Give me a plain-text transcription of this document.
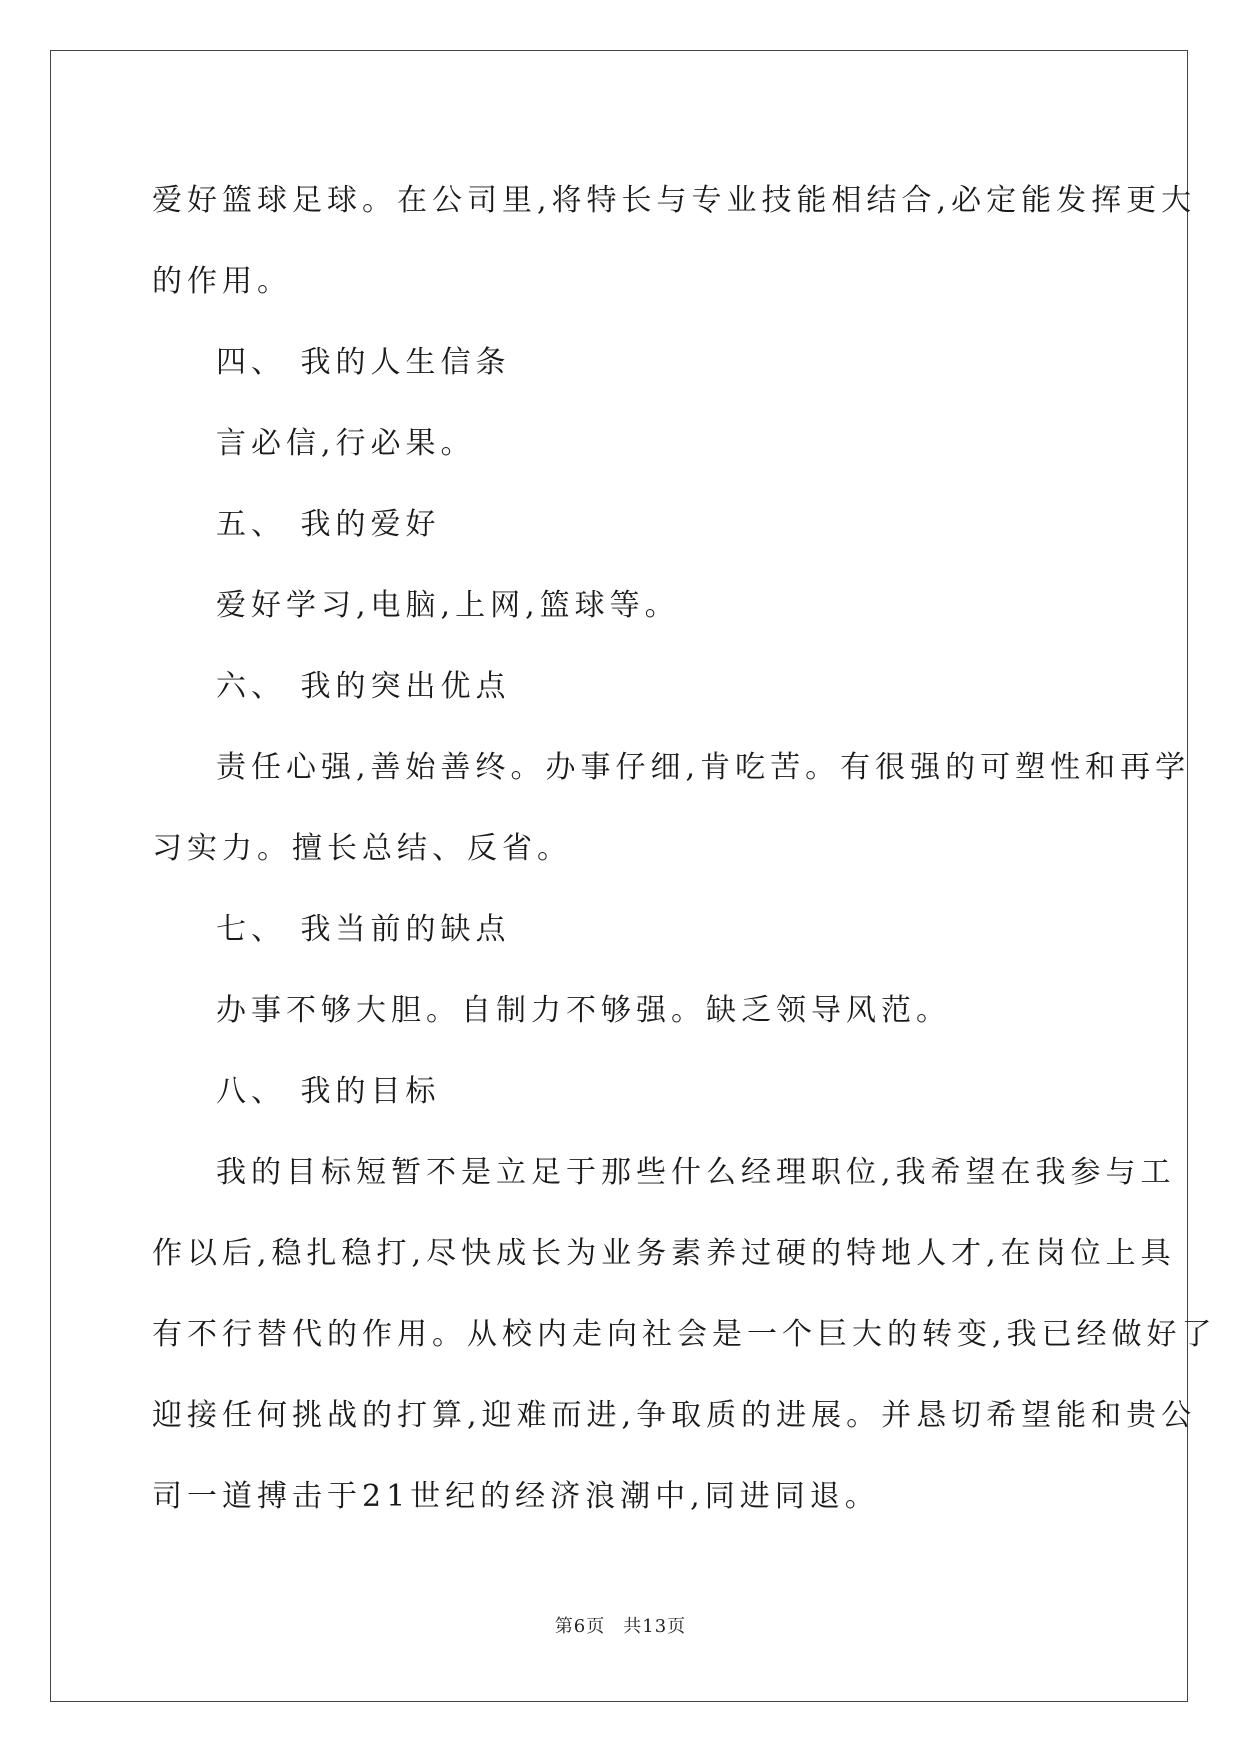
爱好篮球足球。在公司里,将特长与专业技能相结合,必定能发挥更大
的作用。
四、 我的人生信条
言必信,行必果。
五、 我的爱好
爱好学习,电脑,上网,篮球等。
六、 我的突出优点
责任心强,善始善终。办事仔细,肯吃苦。有很强的可塑性和再学
习实力。擅长总结、反省。
七、 我当前的缺点
办事不够大胆。自制力不够强。缺乏领导风范。
八、 我的目标
我的目标短暂不是立足于那些什么经理职位,我希望在我参与工
作以后,稳扎稳打,尽快成长为业务素养过硬的特地人才,在岗位上具
有不行替代的作用。从校内走向社会是一个巨大的转变,我已经做好了
迎接任何挑战的打算,迎难而进,争取质的进展。并恳切希望能和贵公
司一道搏击于21世纪的经济浪潮中,同进同退。
第6页 共13页
